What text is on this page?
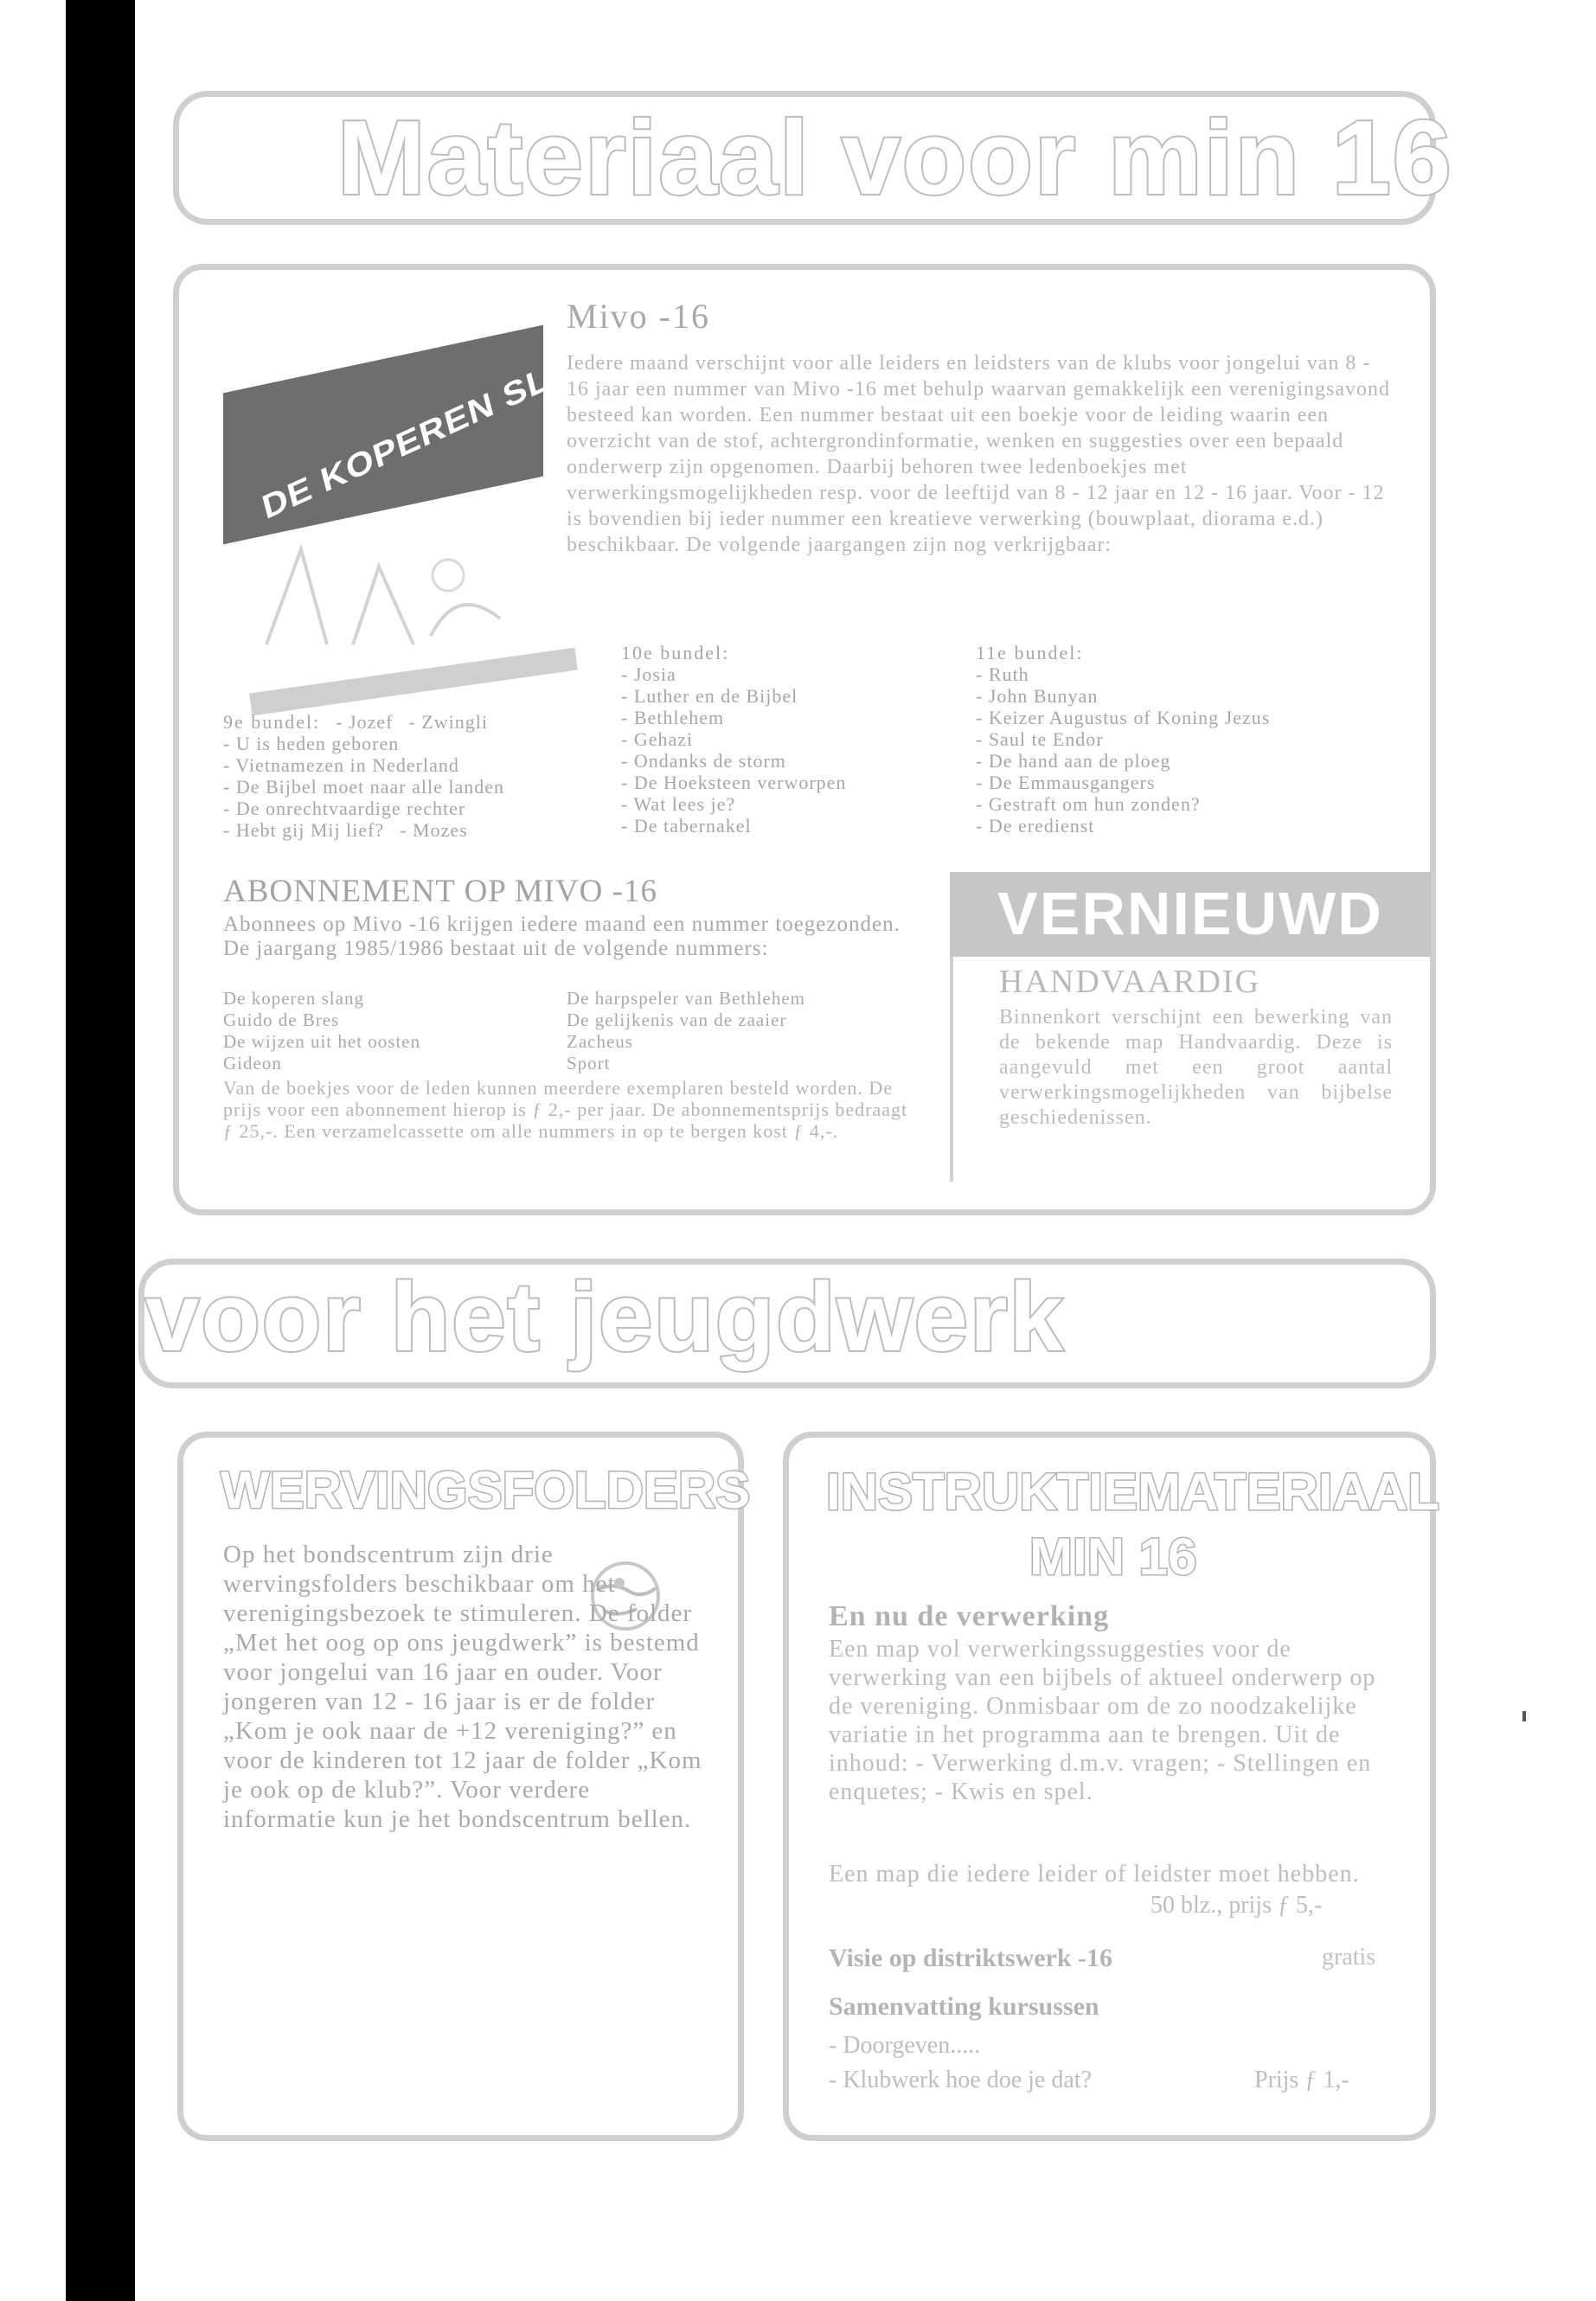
Materiaal voor min 16
DE KOPEREN SLANG
Mivo -16
Iedere maand verschijnt voor alle leiders en leidsters van de klubs voor jongelui van 8 - 16 jaar een nummer van Mivo -16 met behulp waarvan gemakkelijk een verenigingsavond besteed kan worden. Een nummer bestaat uit een boekje voor de leiding waarin een overzicht van de stof, achtergrondinformatie, wenken en suggesties over een bepaald onderwerp zijn opgenomen. Daarbij behoren twee ledenboekjes met verwerkingsmogelijkheden resp. voor de leeftijd van 8 - 12 jaar en 12 - 16 jaar. Voor - 12 is bovendien bij ieder nummer een kreatieve verwerking (bouwplaat, diorama e.d.) beschikbaar. De volgende jaargangen zijn nog verkrijgbaar:
9e bundel: - Jozef - Zwingli
- U is heden geboren
- Vietnamezen in Nederland
- De Bijbel moet naar alle landen
- De onrechtvaardige rechter
- Hebt gij Mij lief? - Mozes
10e bundel:
- Josia
- Luther en de Bijbel
- Bethlehem
- Gehazi
- Ondanks de storm
- De Hoeksteen verworpen
- Wat lees je?
- De tabernakel
11e bundel:
- Ruth
- John Bunyan
- Keizer Augustus of Koning Jezus
- Saul te Endor
- De hand aan de ploeg
- De Emmausgangers
- Gestraft om hun zonden?
- De eredienst
ABONNEMENT OP MIVO -16
Abonnees op Mivo -16 krijgen iedere maand een nummer toegezonden. De jaargang 1985/1986 bestaat uit de volgende nummers:
De koperen slang
Guido de Bres
De wijzen uit het oosten
Gideon
De harpspeler van Bethlehem
De gelijkenis van de zaaier
Zacheus
Sport
Van de boekjes voor de leden kunnen meerdere exemplaren besteld worden. De prijs voor een abonnement hierop is ƒ 2,- per jaar. De abonnementsprijs bedraagt ƒ 25,-. Een verzamelcassette om alle nummers in op te bergen kost ƒ 4,-.
VERNIEUWD
HANDVAARDIG
Binnenkort verschijnt een bewerking van de bekende map Handvaardig. Deze is aangevuld met een groot aantal verwerkingsmogelijkheden van bijbelse geschiedenissen.
voor het jeugdwerk
WERVINGSFOLDERS
Op het bondscentrum zijn drie wervingsfolders beschikbaar om het verenigingsbezoek te stimuleren. De folder „Met het oog op ons jeugdwerk” is bestemd voor jongelui van 16 jaar en ouder. Voor jongeren van 12 - 16 jaar is er de folder „Kom je ook naar de +12 vereniging?” en voor de kinderen tot 12 jaar de folder „Kom je ook op de klub?”. Voor verdere informatie kun je het bondscentrum bellen.
INSTRUKTIEMATERIAAL
MIN 16
En nu de verwerking
Een map vol verwerkingssuggesties voor de verwerking van een bijbels of aktueel onderwerp op de vereniging. Onmisbaar om de zo noodzakelijke variatie in het programma aan te brengen. Uit de inhoud: - Verwerking d.m.v. vragen; - Stellingen en enquetes; - Kwis en spel.
Een map die iedere leider of leidster moet hebben.
50 blz., prijs ƒ 5,-
Visie op distriktswerk -16	gratis
Samenvatting kursussen
- Doorgeven.....
- Klubwerk hoe doe je dat?	Prijs ƒ 1,-
